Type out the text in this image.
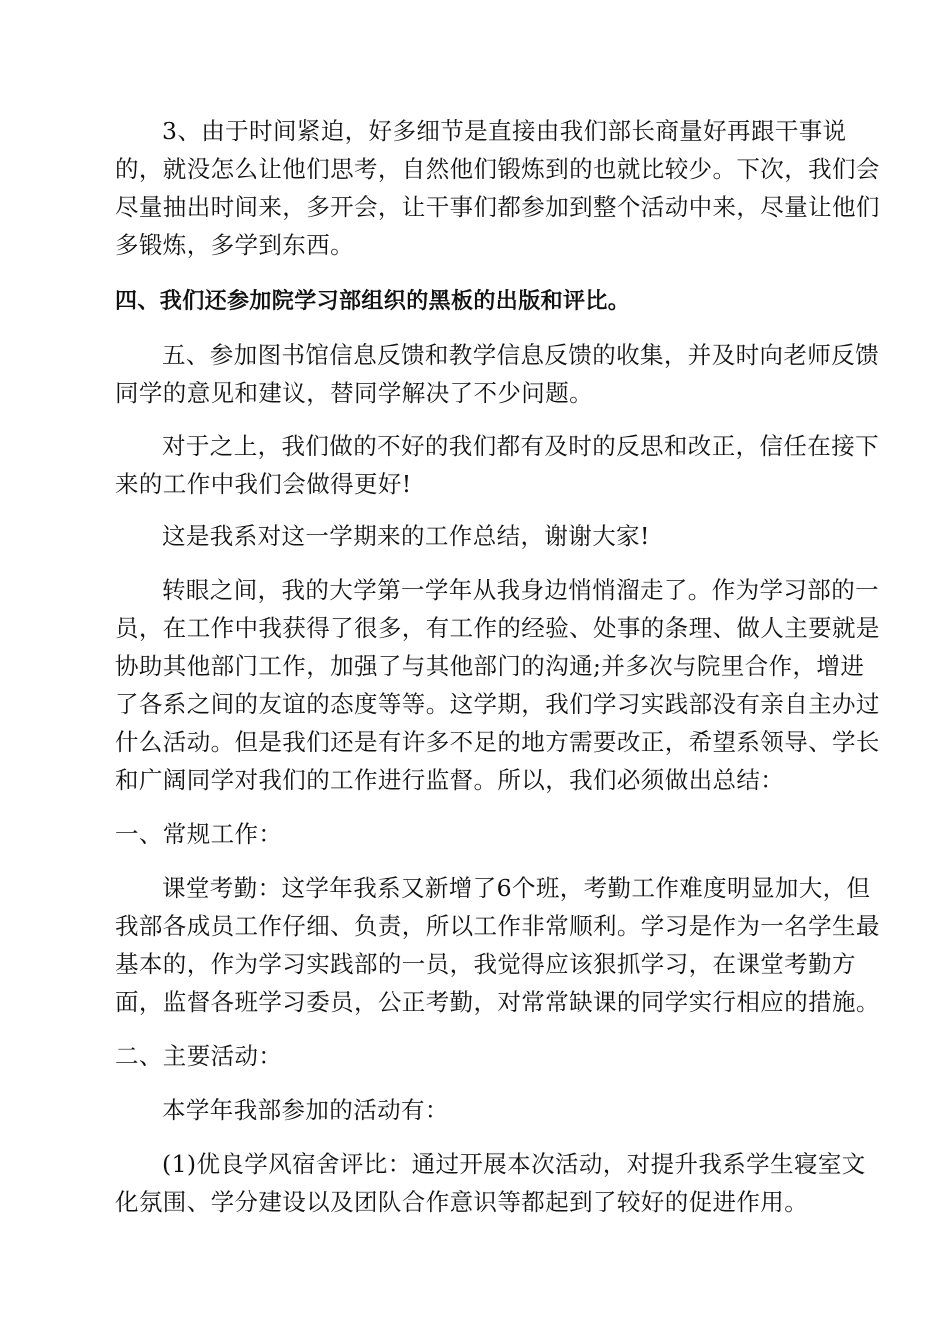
3、由于时间紧迫，好多细节是直接由我们部长商量好再跟干事说
的，就没怎么让他们思考，自然他们锻炼到的也就比较少。下次，我们会
尽量抽出时间来，多开会，让干事们都参加到整个活动中来，尽量让他们
多锻炼，多学到东西。
四、我们还参加院学习部组织的黑板的出版和评比。
五、参加图书馆信息反馈和教学信息反馈的收集，并及时向老师反馈
同学的意见和建议，替同学解决了不少问题。
对于之上，我们做的不好的我们都有及时的反思和改正，信任在接下
来的工作中我们会做得更好!
这是我系对这一学期来的工作总结，谢谢大家!
转眼之间，我的大学第一学年从我身边悄悄溜走了。作为学习部的一
员，在工作中我获得了很多，有工作的经验、处事的条理、做人主要就是
协助其他部门工作，加强了与其他部门的沟通;并多次与院里合作，增进
了各系之间的友谊的态度等等。这学期，我们学习实践部没有亲自主办过
什么活动。但是我们还是有许多不足的地方需要改正，希望系领导、学长
和广阔同学对我们的工作进行监督。所以，我们必须做出总结：
一、常规工作：
课堂考勤：这学年我系又新增了6个班，考勤工作难度明显加大，但
我部各成员工作仔细、负责，所以工作非常顺利。学习是作为一名学生最
基本的，作为学习实践部的一员，我觉得应该狠抓学习，在课堂考勤方
面，监督各班学习委员，公正考勤，对常常缺课的同学实行相应的措施。
二、主要活动：
本学年我部参加的活动有：
(1)优良学风宿舍评比：通过开展本次活动，对提升我系学生寝室文
化氛围、学分建设以及团队合作意识等都起到了较好的促进作用。
